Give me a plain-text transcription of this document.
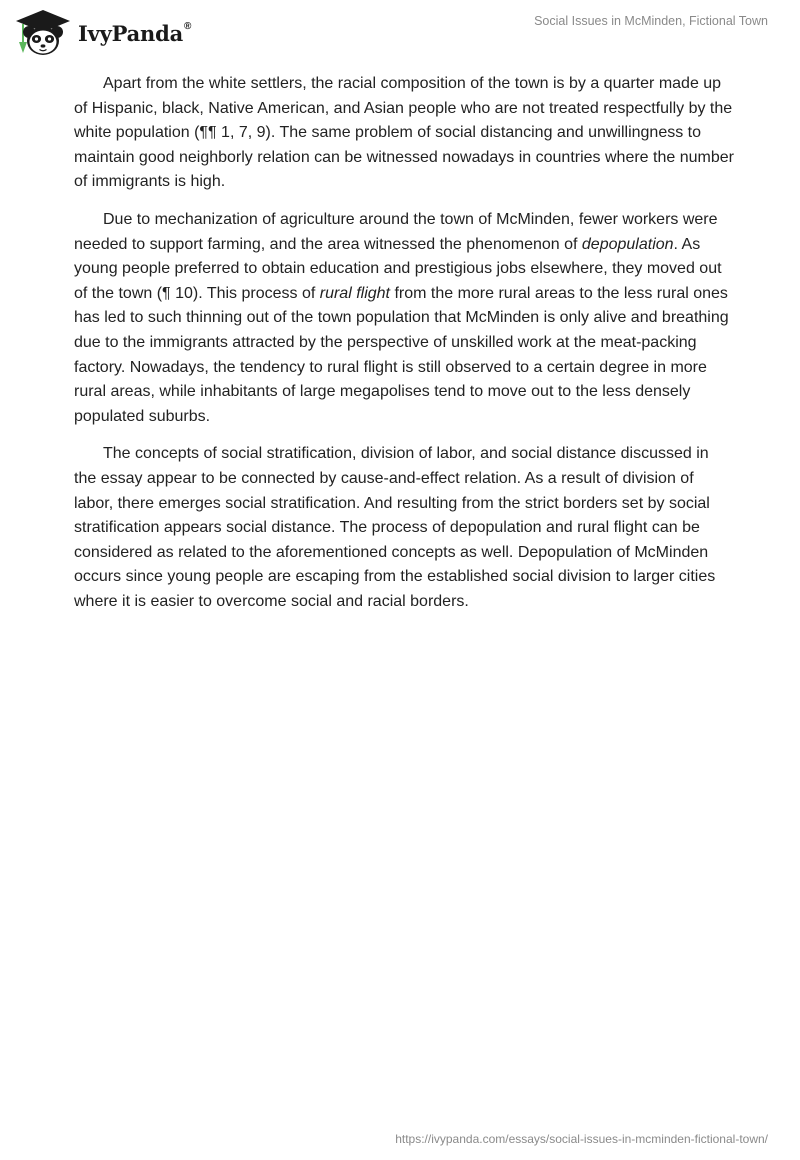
IvyPanda®	Social Issues in McMinden, Fictional Town

Apart from the white settlers, the racial composition of the town is by a quarter made up of Hispanic, black, Native American, and Asian people who are not treated respectfully by the white population (¶¶ 1, 7, 9). The same problem of social distancing and unwillingness to maintain good neighborly relation can be witnessed nowadays in countries where the number of immigrants is high.

Due to mechanization of agriculture around the town of McMinden, fewer workers were needed to support farming, and the area witnessed the phenomenon of depopulation. As young people preferred to obtain education and prestigious jobs elsewhere, they moved out of the town (¶ 10). This process of rural flight from the more rural areas to the less rural ones has led to such thinning out of the town population that McMinden is only alive and breathing due to the immigrants attracted by the perspective of unskilled work at the meat-packing factory. Nowadays, the tendency to rural flight is still observed to a certain degree in more rural areas, while inhabitants of large megapolises tend to move out to the less densely populated suburbs.

The concepts of social stratification, division of labor, and social distance discussed in the essay appear to be connected by cause-and-effect relation. As a result of division of labor, there emerges social stratification. And resulting from the strict borders set by social stratification appears social distance. The process of depopulation and rural flight can be considered as related to the aforementioned concepts as well. Depopulation of McMinden occurs since young people are escaping from the established social division to larger cities where it is easier to overcome social and racial borders.

https://ivypanda.com/essays/social-issues-in-mcminden-fictional-town/
